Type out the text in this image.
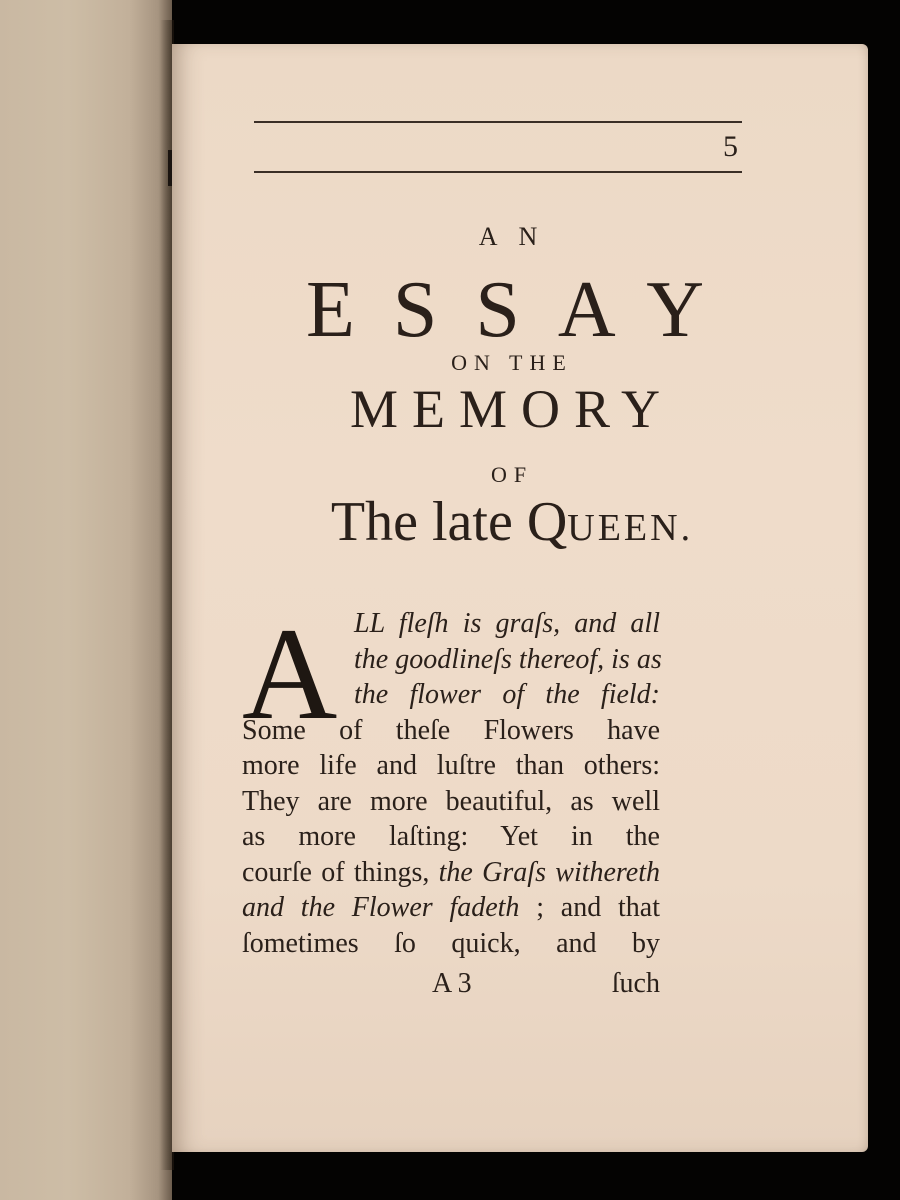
5

A N

ESSAY

ON THE

MEMORY

OF

The late QUEEN.

A LL fleſh is graſs, and all
the goodlineſs thereof, is as
the flower of the field:
Some of theſe Flowers have
more life and luſtre than others:
They are more beautiful, as well
as more laſting: Yet in the
courſe of things, the Graſs withereth
and the Flower fadeth ; and that
ſometimes ſo quick, and by
A 3	ſuch
